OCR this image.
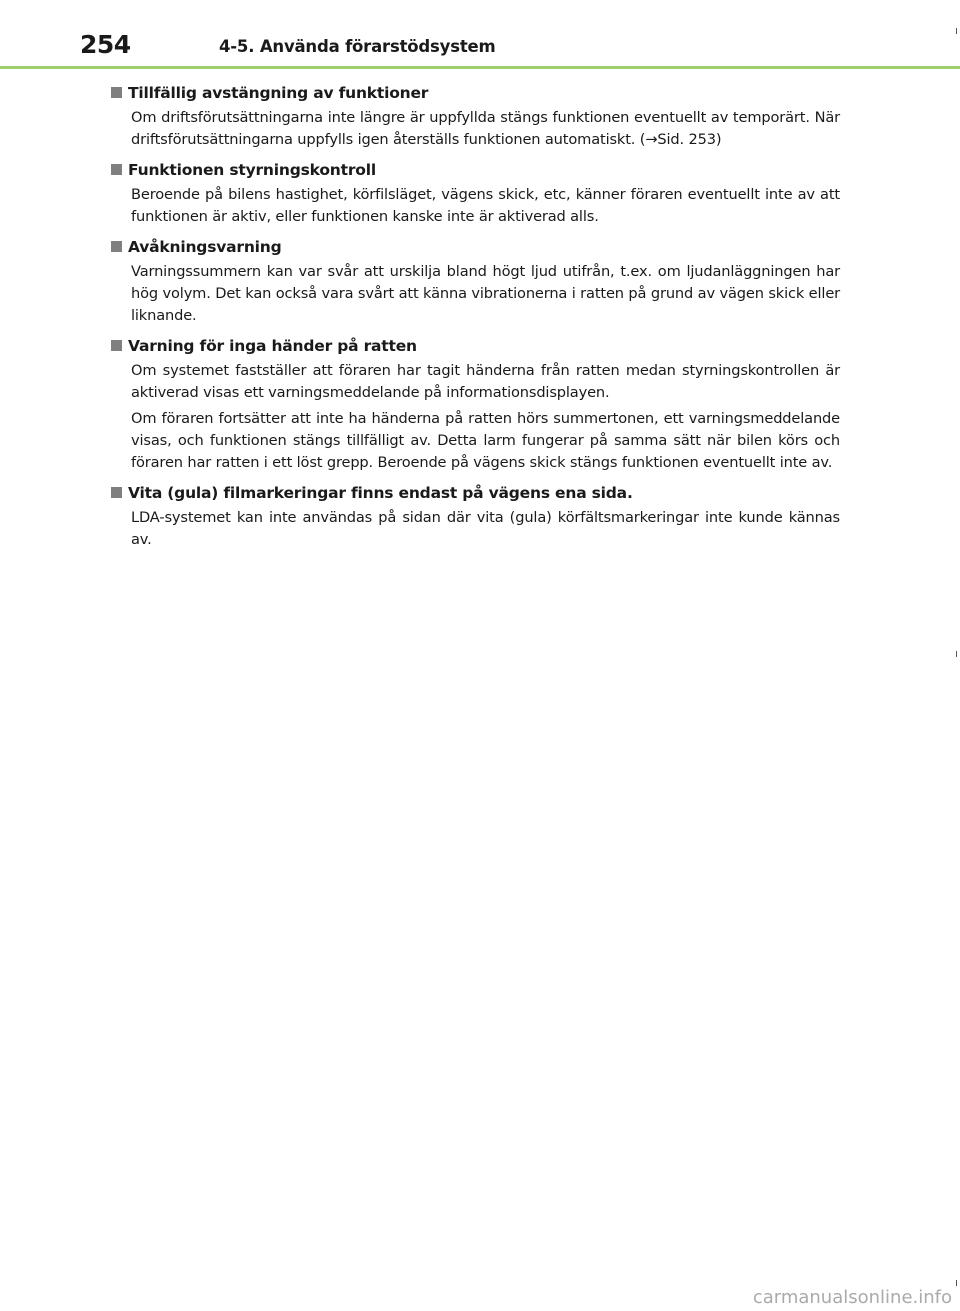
254	4-5. Använda förarstödsystem
Tillfällig avstängning av funktioner

Om driftsförutsättningarna inte längre är uppfyllda stängs funktionen eventuellt av temporärt. När driftsförutsättningarna uppfylls igen återställs funktionen automatiskt. (→Sid. 253)

Funktionen styrningskontroll

Beroende på bilens hastighet, körfilsläget, vägens skick, etc, känner föraren eventuellt inte av att funktionen är aktiv, eller funktionen kanske inte är aktiverad alls.

Avåkningsvarning

Varningssummern kan var svår att urskilja bland högt ljud utifrån, t.ex. om ljudanläggningen har hög volym. Det kan också vara svårt att känna vibrationerna i ratten på grund av vägen skick eller liknande.

Varning för inga händer på ratten

Om systemet fastställer att föraren har tagit händerna från ratten medan styrningskontrollen är aktiverad visas ett varningsmeddelande på informationsdisplayen.

Om föraren fortsätter att inte ha händerna på ratten hörs summertonen, ett varningsmeddelande visas, och funktionen stängs tillfälligt av. Detta larm fungerar på samma sätt när bilen körs och föraren har ratten i ett löst grepp. Beroende på vägens skick stängs funktionen eventuellt inte av.

Vita (gula) filmarkeringar finns endast på vägens ena sida.

LDA-systemet kan inte användas på sidan där vita (gula) körfältsmarkeringar inte kunde kännas av.

carmanualsonline.info
